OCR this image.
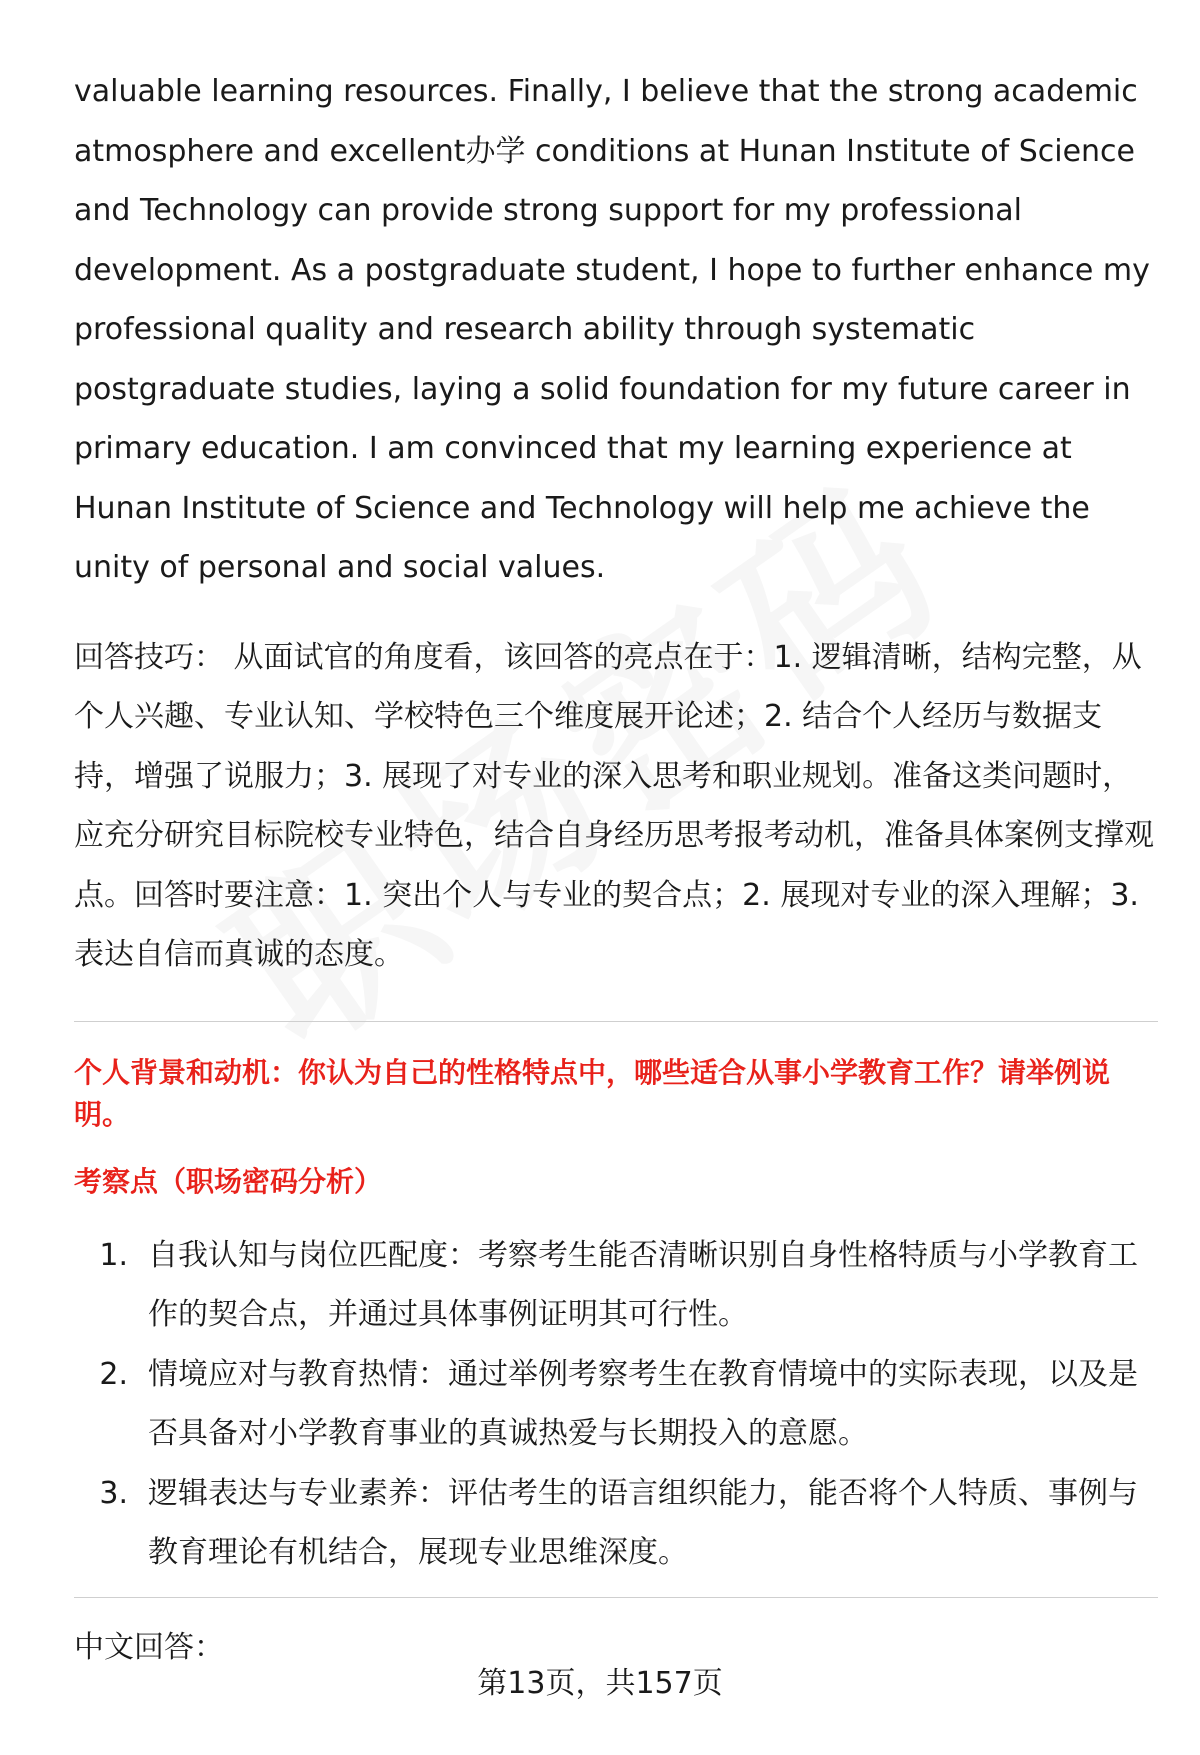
valuable learning resources. Finally, I believe that the strong academic atmosphere and excellent办学 conditions at Hunan Institute of Science and Technology can provide strong support for my professional development. As a postgraduate student, I hope to further enhance my professional quality and research ability through systematic postgraduate studies, laying a solid foundation for my future career in primary education. I am convinced that my learning experience at Hunan Institute of Science and Technology will help me achieve the unity of personal and social values.

回答技巧： 从面试官的角度看，该回答的亮点在于：1. 逻辑清晰，结构完整，从个人兴趣、专业认知、学校特色三个维度展开论述；2. 结合个人经历与数据支持，增强了说服力；3. 展现了对专业的深入思考和职业规划。准备这类问题时，应充分研究目标院校专业特色，结合自身经历思考报考动机，准备具体案例支撑观点。回答时要注意：1. 突出个人与专业的契合点；2. 展现对专业的深入理解；3. 表达自信而真诚的态度。

个人背景和动机：你认为自己的性格特点中，哪些适合从事小学教育工作？请举例说明。

考察点（职场密码分析）

1. 自我认知与岗位匹配度：考察考生能否清晰识别自身性格特质与小学教育工作的契合点，并通过具体事例证明其可行性。
2. 情境应对与教育热情：通过举例考察考生在教育情境中的实际表现，以及是否具备对小学教育事业的真诚热爱与长期投入的意愿。
3. 逻辑表达与专业素养：评估考生的语言组织能力，能否将个人特质、事例与教育理论有机结合，展现专业思维深度。

中文回答：

第13页，共157页
